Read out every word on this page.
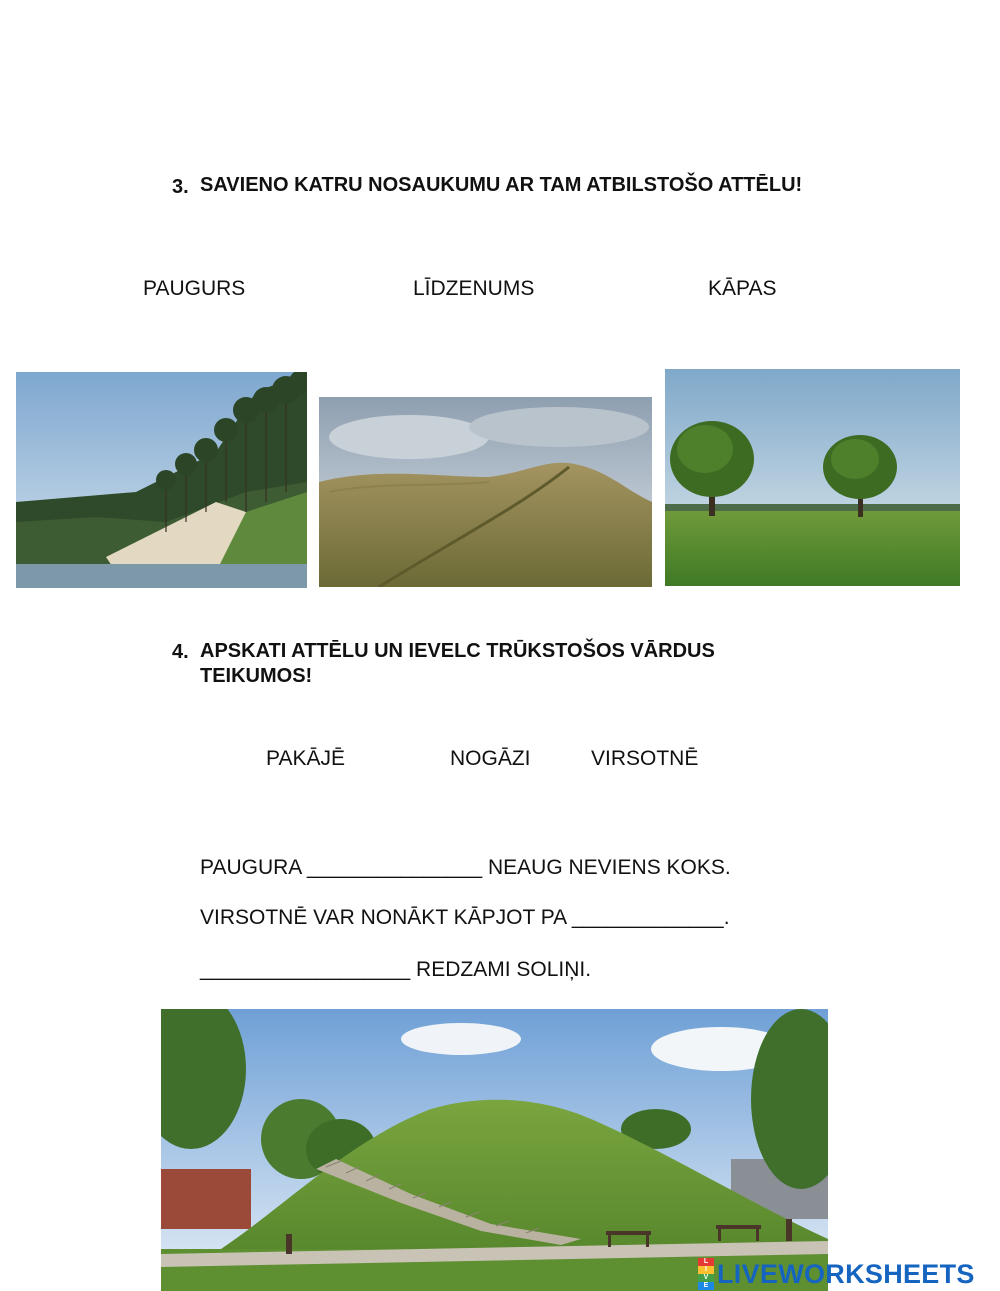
3. SAVIENO KATRU NOSAUKUMU AR TAM ATBILSTOŠO ATTĒLU!
PAUGURS	LĪDZENUMS	KĀPAS
4. APSKATI ATTĒLU UN IEVELC TRŪKSTOŠOS VĀRDUS TEIKUMOS!
PAKĀJĒ	NOGĀZI	VIRSOTNĒ
PAUGURA _______________ NEAUG NEVIENS KOKS.
VIRSOTNĒ VAR NONĀKT KĀPJOT PA _____________.
__________________ REDZAMI SOLIŅI.
L
I
V
E LIVEWORKSHEETS
